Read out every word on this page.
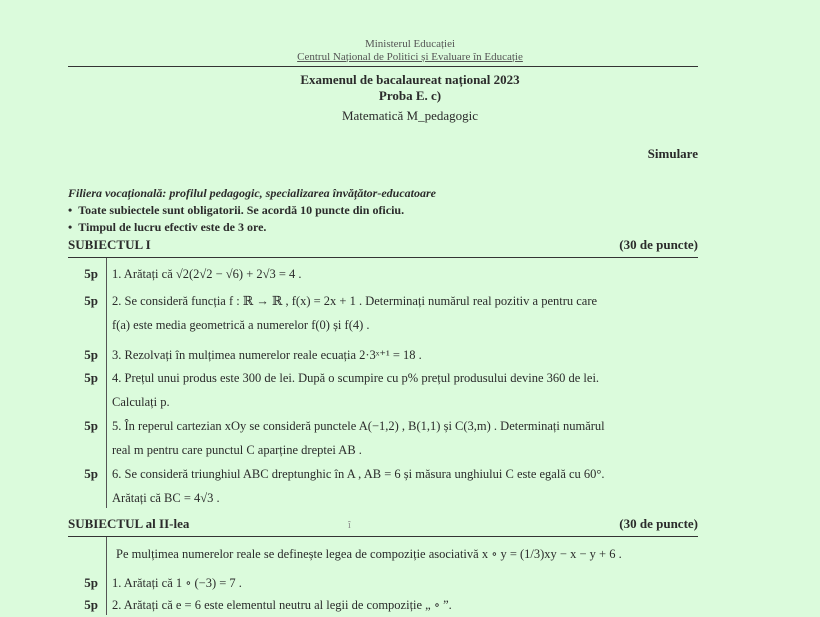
Ministerul Educației
Centrul Național de Politici și Evaluare în Educație
Examenul de bacalaureat național 2023
Proba E. c)
Matematică M_pedagogic
Simulare
Filiera vocațională: profilul pedagogic, specializarea învățător-educatoare
•  Toate subiectele sunt obligatorii. Se acordă 10 puncte din oficiu.
•  Timpul de lucru efectiv este de 3 ore.
SUBIECTUL I	(30 de puncte)
5p 1. Arătați că √2(2√2 − √6) + 2√3 = 4 .
5p 2. Se consideră funcția f : ℝ → ℝ , f(x) = 2x + 1 . Determinați numărul real pozitiv a pentru care
f(a) este media geometrică a numerelor f(0) și f(4) .
5p 3. Rezolvați în mulțimea numerelor reale ecuația 2·3ˣ⁺¹ = 18 .
5p 4. Prețul unui produs este 300 de lei. După o scumpire cu p% prețul produsului devine 360 de lei.
Calculați p.
5p 5. În reperul cartezian xOy se consideră punctele A(−1,2) , B(1,1) și C(3,m) . Determinați numărul
real m pentru care punctul C aparține dreptei AB .
5p 6. Se consideră triunghiul ABC dreptunghic în A , AB = 6 și măsura unghiului C este egală cu 60°.
Arătați că BC = 4√3 .
SUBIECTUL al II-lea	(30 de puncte)
Pe mulțimea numerelor reale se definește legea de compoziție asociativă x ∘ y = (1/3)xy − x − y + 6 .
5p 1. Arătați că 1 ∘ (−3) = 7 .
5p 2. Arătați că e = 6 este elementul neutru al legii de compoziție „ ∘ ”.
ȋ
